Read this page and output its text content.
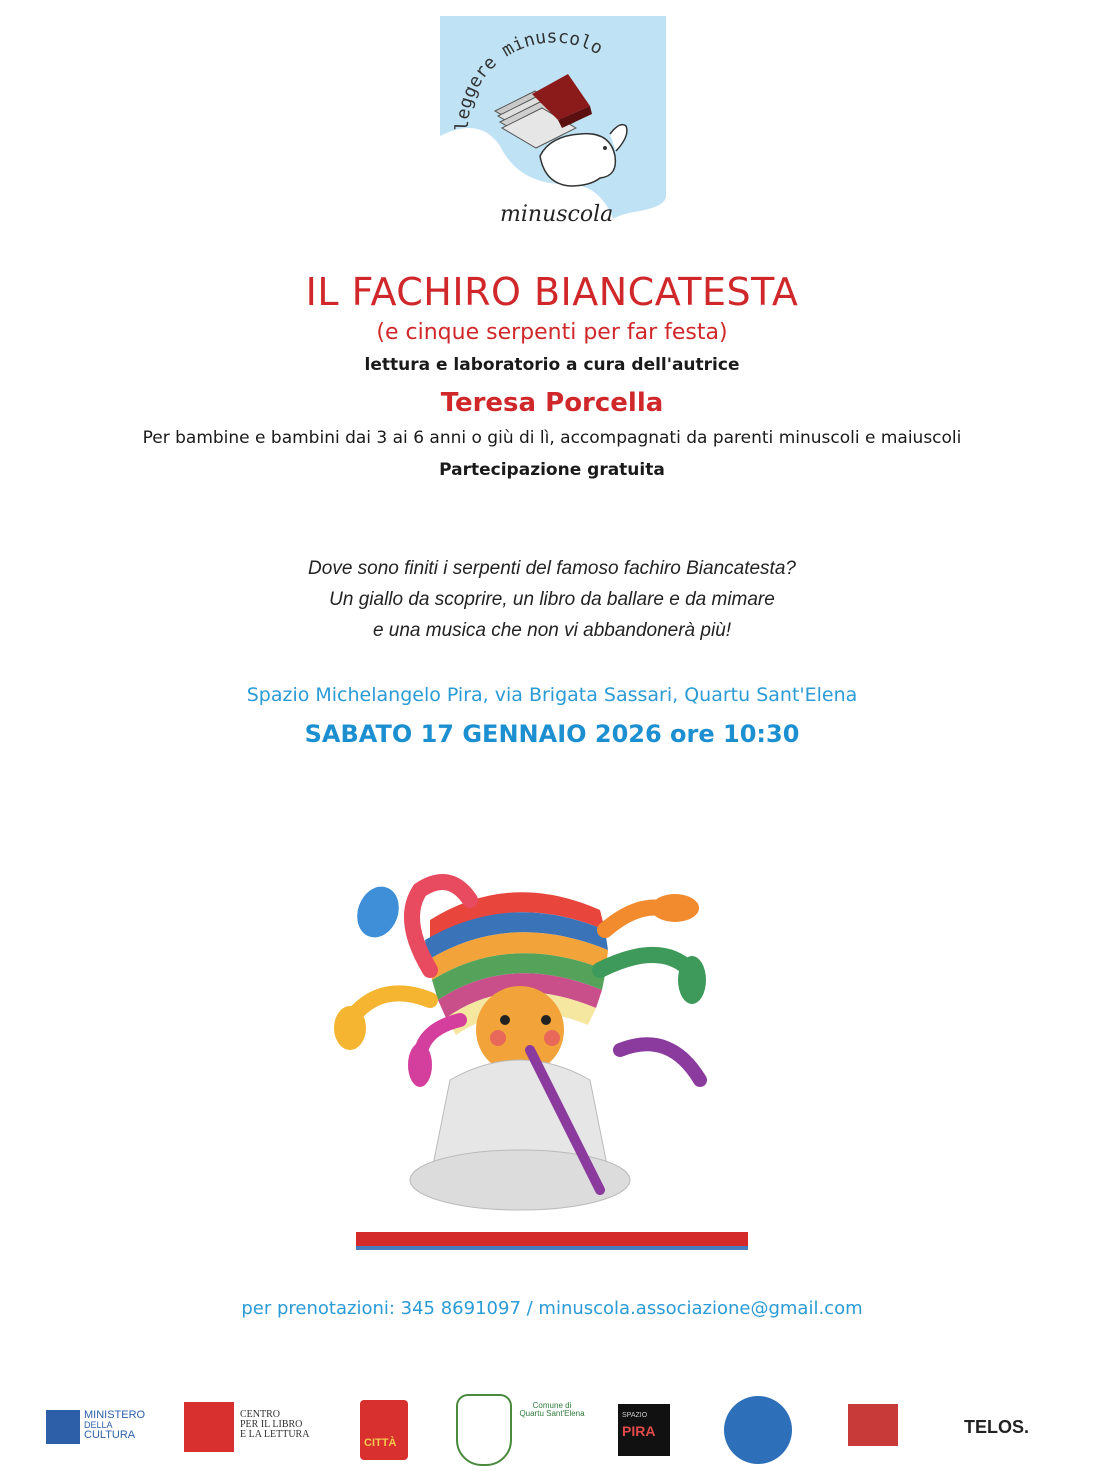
leggere minuscolo
minuscola
IL FACHIRO BIANCATESTA
(e cinque serpenti per far festa)
lettura e laboratorio a cura dell'autrice
Teresa Porcella
Per bambine e bambini dai 3 ai 6 anni o giù di lì, accompagnati da parenti minuscoli e maiuscoli
Partecipazione gratuita
Dove sono finiti i serpenti del famoso fachiro Biancatesta?
Un giallo da scoprire, un libro da ballare e da mimare
e una musica che non vi abbandonerà più!
Spazio Michelangelo Pira, via Brigata Sassari, Quartu Sant'Elena
SABATO 17 GENNAIO 2026 ore 10:30
per prenotazioni: 345 8691097 / minuscola.associazione@gmail.com
MINISTERO
DELLA
CULTURA
CENTRO
PER IL LIBRO
E LA LETTURA
CITTÀ
Comune di
Quartu Sant'Elena	SPAZIO
PIRA	TELOS.
